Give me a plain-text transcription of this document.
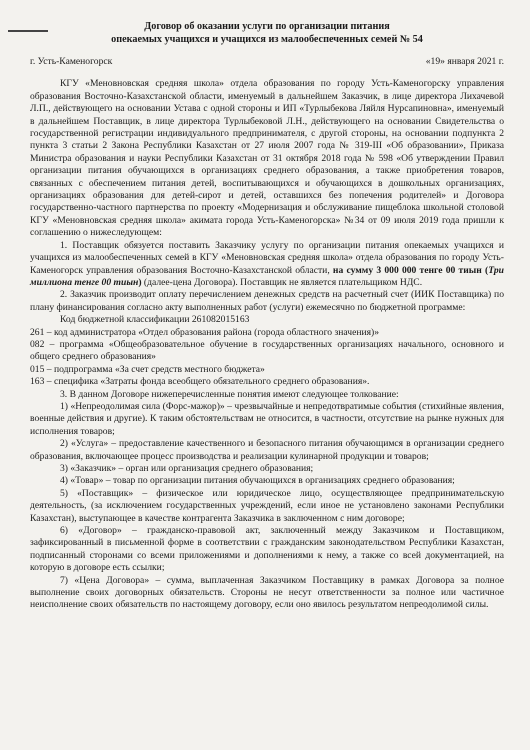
Договор об оказании услуги по организации питания
опекаемых учащихся и учащихся из малообеспеченных семей № 54
г. Усть-Каменогорск	«19» января 2021 г.

КГУ «Меновновская средняя школа» отдела образования по городу Усть-Каменогорску управления образования Восточно-Казахстанской области, именуемый в дальнейшем Заказчик, в лице директора Лихачевой Л.П., действующего на основании Устава с одной стороны и ИП «Турлыбекова Ляйля Нурсапиновна», именуемый в дальнейшем Поставщик, в лице директора Турлыбековой Л.Н., действующего на основании Свидетельства о государственной регистрации индивидуального предпринимателя, с другой стороны, на основании подпункта 2 пункта 3 статьи 2 Закона Республики Казахстан от 27 июля 2007 года № 319-III «Об образовании», Приказа Министра образования и науки Республики Казахстан от 31 октября 2018 года № 598 «Об утверждении Правил организации питания обучающихся в организациях среднего образования, а также приобретения товаров, связанных с обеспечением питания детей, воспитывающихся и обучающихся в дошкольных организациях, организациях образования для детей-сирот и детей, оставшихся без попечения родителей» и Договора государственно-частного партнерства по проекту «Модернизация и обслуживание пищеблока школьной столовой КГУ «Меновновская средняя школа» акимата города Усть-Каменогорска» №34 от 09 июля 2019 года пришли к соглашению о нижеследующем:

1. Поставщик обязуется поставить Заказчику услугу по организации питания опекаемых учащихся и учащихся из малообеспеченных семей в КГУ «Меновновская средняя школа» отдела образования по городу Усть-Каменогорск управления образования Восточно-Казахстанской области, на сумму 3 000 000 тенге 00 тиын (Три миллиона тенге 00 тиын) (далее-цена Договора). Поставщик не является плательщиком НДС.

2. Заказчик производит оплату перечислением денежных средств на расчетный счет (ИИК Поставщика) по плану финансирования согласно акту выполненных работ (услуги) ежемесячно по бюджетной программе:

Код бюджетной классификации 261082015163

261 – код администратора «Отдел образования района (города областного значения)»

082 – программа «Общеобразовательное обучение в государственных организациях начального, основного и общего среднего образования»

015 – подпрограмма «За счет средств местного бюджета»

163 – специфика «Затраты фонда всеобщего обязательного среднего образования».

3. В данном Договоре нижеперечисленные понятия имеют следующее толкование:

1) «Непреодолимая сила (Форс-мажор)» – чрезвычайные и непредотвратимые события (стихийные явления, военные действия и другие). К таким обстоятельствам не относится, в частности, отсутствие на рынке нужных для исполнения товаров;

2) «Услуга» – предоставление качественного и безопасного питания обучающимся в организации среднего образования, включающее процесс производства и реализации кулинарной продукции и товаров;

3) «Заказчик» – орган или организация среднего образования;

4) «Товар» – товар по организации питания обучающихся в организациях среднего образования;

5) «Поставщик» – физическое или юридическое лицо, осуществляющее предпринимательскую деятельность, (за исключением государственных учреждений, если иное не установлено законами Республики Казахстан), выступающее в качестве контрагента Заказчика в заключенном с ним договоре;

6) «Договор» – гражданско-правовой акт, заключенный между Заказчиком и Поставщиком, зафиксированный в письменной форме в соответствии с гражданским законодательством Республики Казахстан, подписанный сторонами со всеми приложениями и дополнениями к нему, а также со всей документацией, на которую в договоре есть ссылки;

7) «Цена Договора» – сумма, выплаченная Заказчиком Поставщику в рамках Договора за полное выполнение своих договорных обязательств. Стороны не несут ответственности за полное или частичное неисполнение своих обязательств по настоящему договору, если оно явилось результатом непреодолимой силы.
